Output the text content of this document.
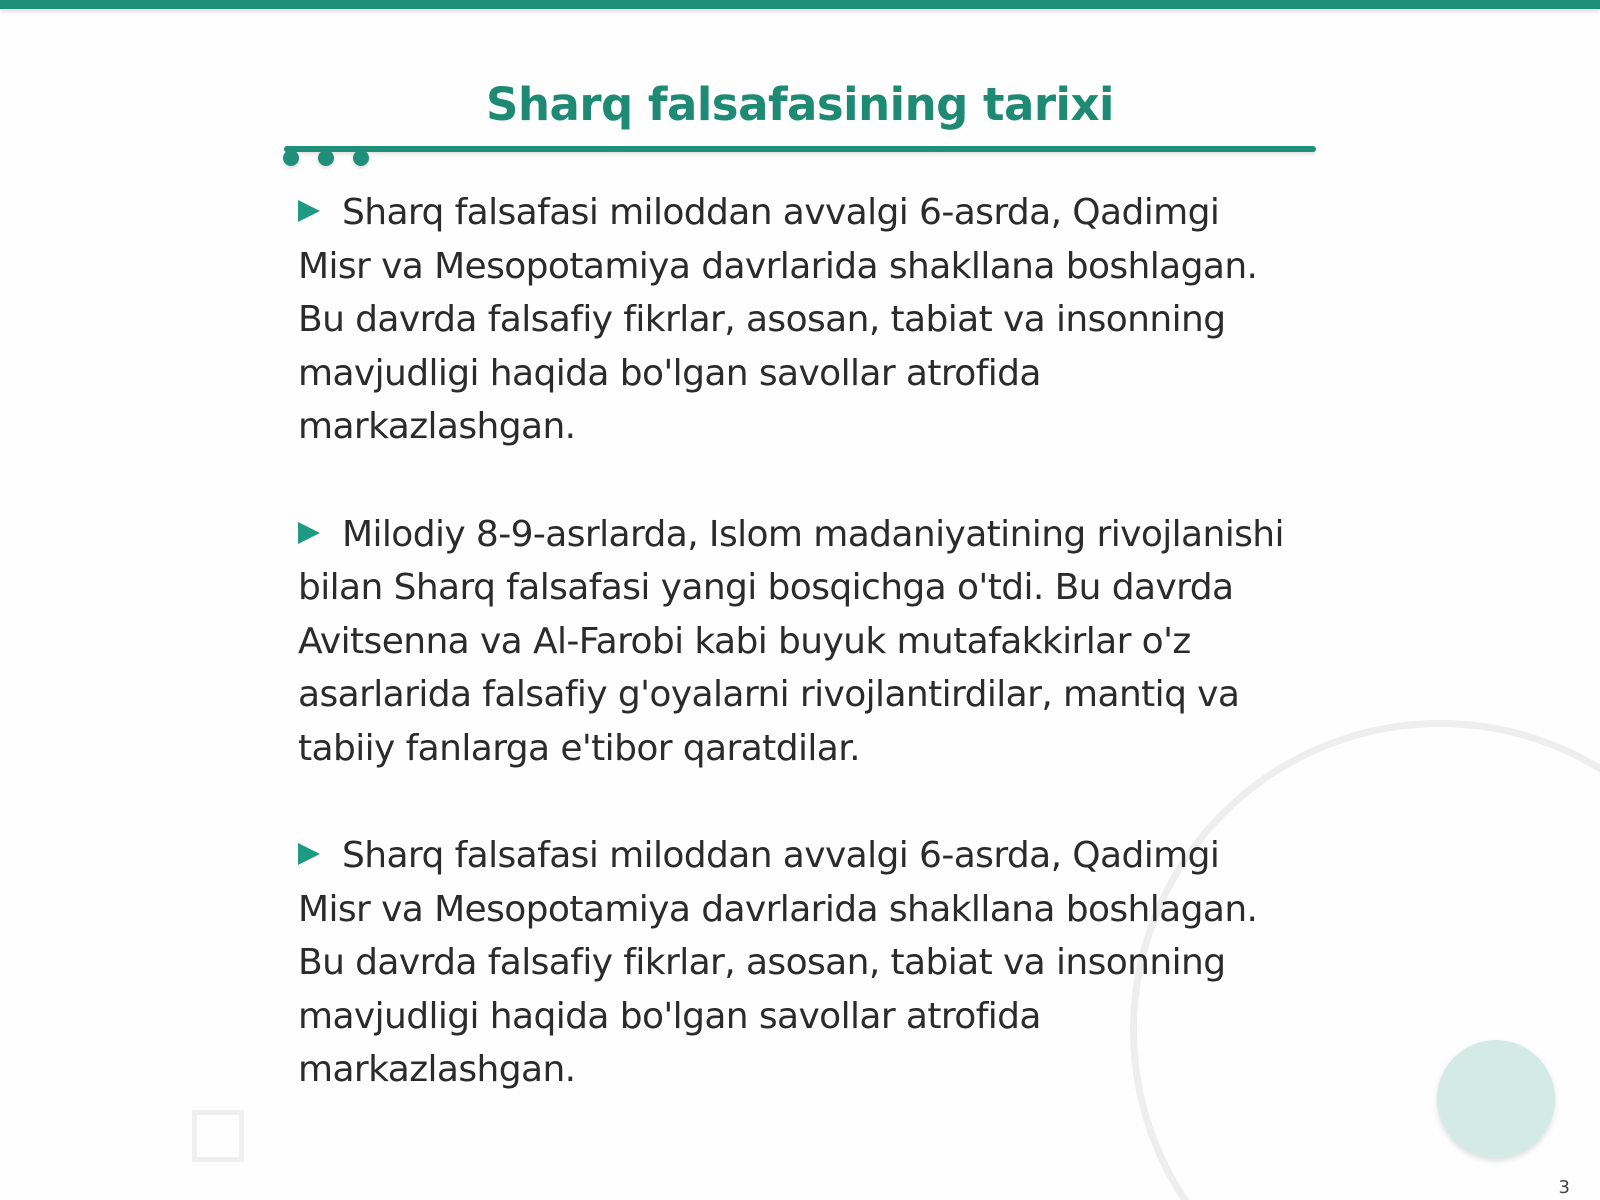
Sharq falsafasining tarixi

Sharq falsafasi miloddan avvalgi 6-asrda, Qadimgi Misr va Mesopotamiya davrlarida shakllana boshlagan. Bu davrda falsafiy fikrlar, asosan, tabiat va insonning mavjudligi haqida bo'lgan savollar atrofida markazlashgan.

Milodiy 8-9-asrlarda, Islom madaniyatining rivojlanishi bilan Sharq falsafasi yangi bosqichga o'tdi. Bu davrda Avitsenna va Al-Farobi kabi buyuk mutafakkirlar o'z asarlarida falsafiy g'oyalarni rivojlantirdilar, mantiq va tabiiy fanlarga e'tibor qaratdilar.

Sharq falsafasi miloddan avvalgi 6-asrda, Qadimgi Misr va Mesopotamiya davrlarida shakllana boshlagan. Bu davrda falsafiy fikrlar, asosan, tabiat va insonning mavjudligi haqida bo'lgan savollar atrofida markazlashgan.

3
